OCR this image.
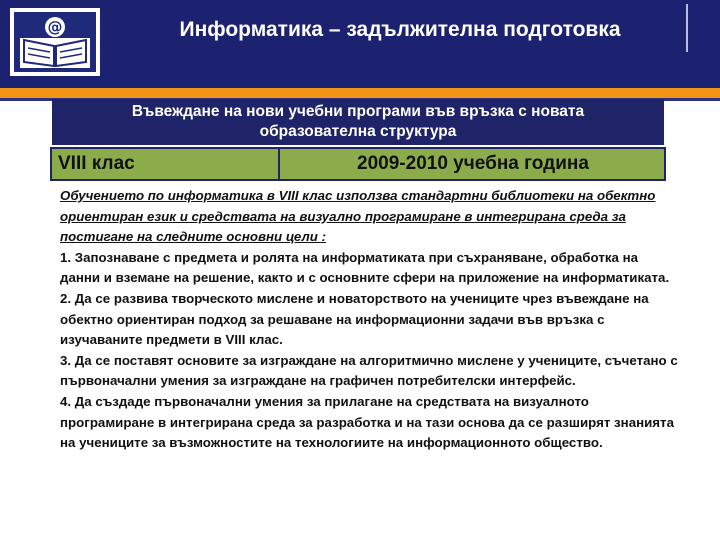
@	Информатика – задължителна подготовка
Въвеждане на нови учебни програми във връзка с новата
образователна структура
VIII клас	2009-2010 учебна година
Обучението по информатика в VIII клас използва стандартни библиотеки на обектно ориентиран език и средствата на визуално програмиране в интегрирана среда за постигане на следните основни цели :
1. Запознаване с предмета и ролята на информатиката при съхраняване, обработка на данни и вземане на решение, както и с основните сфери на приложение на информатиката.
2. Да се развива творческото мислене и новаторството на учениците чрез въвеждане на обектно ориентиран подход за решаване на информационни задачи във връзка с изучаваните предмети в VIII клас.
3. Да се поставят основите за изграждане на алгоритмично мислене у учениците, съчетано с първоначални умения за изграждане на графичен потребителски интерфейс.
4. Да създаде първоначални умения за прилагане на средствата на визуалното програмиране в интегрирана среда за разработка и на тази основа да се разширят знанията на учениците за възможностите на технологиите на информационното общество.
